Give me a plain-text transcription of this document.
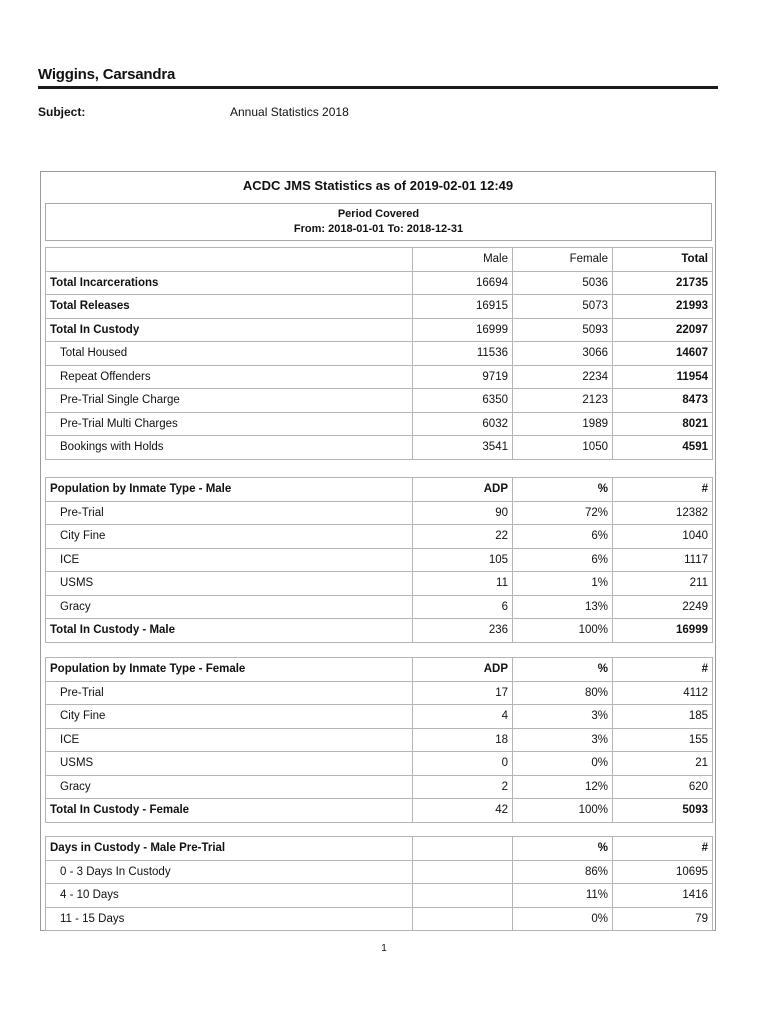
Wiggins, Carsandra
Subject:	Annual Statistics 2018
ACDC JMS Statistics as of 2019-02-01 12:49
Period Covered
From: 2018-01-01 To: 2018-12-31
	Male	Female	Total
Total Incarcerations	16694	5036	21735
Total Releases	16915	5073	21993
Total In Custody	16999	5093	22097
Total Housed	11536	3066	14607
Repeat Offenders	9719	2234	11954
Pre-Trial Single Charge	6350	2123	8473
Pre-Trial Multi Charges	6032	1989	8021
Bookings with Holds	3541	1050	4591
Population by Inmate Type - Male	ADP	%	#
Pre-Trial	90	72%	12382
City Fine	22	6%	1040
ICE	105	6%	1117
USMS	11	1%	211
Gracy	6	13%	2249
Total In Custody - Male	236	100%	16999
Population by Inmate Type - Female	ADP	%	#
Pre-Trial	17	80%	4112
City Fine	4	3%	185
ICE	18	3%	155
USMS	0	0%	21
Gracy	2	12%	620
Total In Custody - Female	42	100%	5093
Days in Custody - Male Pre-Trial		%	#
0 - 3 Days In Custody		86%	10695
4 - 10 Days		11%	1416
11 - 15 Days		0%	79
1
